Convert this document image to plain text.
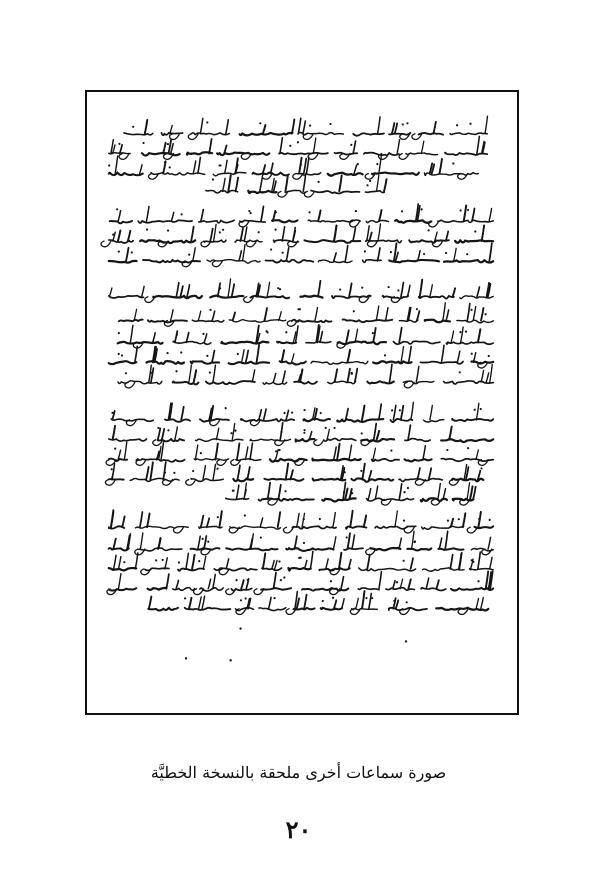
صورة سماعات أخرى ملحقة بالنسخة الخطيَّة
٢٠
